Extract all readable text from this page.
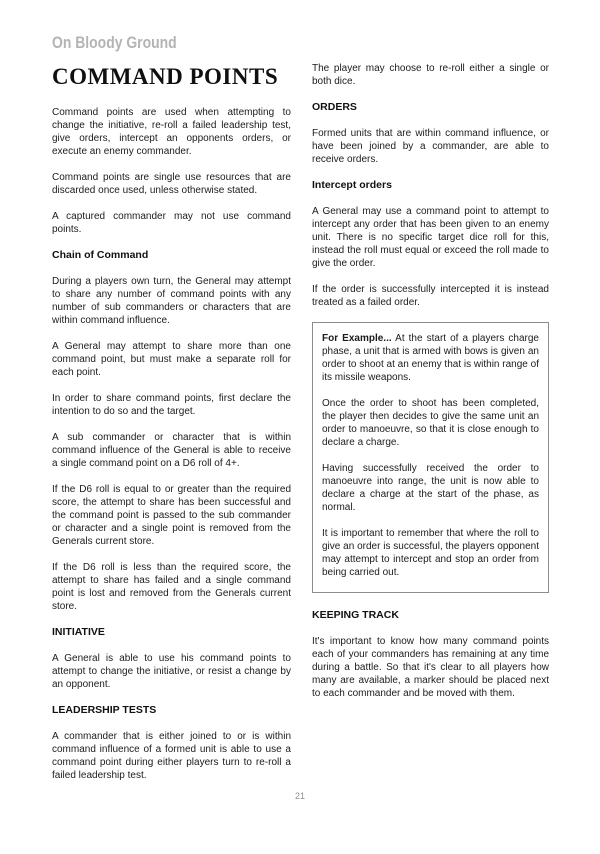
On Bloody Ground
COMMAND POINTS

Command points are used when attempting to change the initiative, re-roll a failed leadership test, give orders, intercept an opponents orders, or execute an enemy commander.

Command points are single use resources that are discarded once used, unless otherwise stated.

A captured commander may not use command points.

Chain of Command

During a players own turn, the General may attempt to share any number of command points with any number of sub commanders or characters that are within command influence.

A General may attempt to share more than one command point, but must make a separate roll for each point.

In order to share command points, first declare the intention to do so and the target.

A sub commander or character that is within command influence of the General is able to receive a single command point on a D6 roll of 4+.

If the D6 roll is equal to or greater than the required score, the attempt to share has been successful and the command point is passed to the sub commander or character and a single point is removed from the Generals current store.

If the D6 roll is less than the required score, the attempt to share has failed and a single command point is lost and removed from the Generals current store.

INITIATIVE

A General is able to use his command points to attempt to change the initiative, or resist a change by an opponent.

LEADERSHIP TESTS

A commander that is either joined to or is within command influence of a formed unit is able to use a command point during either players turn to re-roll a failed leadership test.

The player may choose to re-roll either a single or both dice.

ORDERS

Formed units that are within command influence, or have been joined by a commander, are able to receive orders.

Intercept orders

A General may use a command point to attempt to intercept any order that has been given to an enemy unit. There is no specific target dice roll for this, instead the roll must equal or exceed the roll made to give the order.

If the order is successfully intercepted it is instead treated as a failed order.

For Example... At the start of a players charge phase, a unit that is armed with bows is given an order to shoot at an enemy that is within range of its missile weapons.

Once the order to shoot has been completed, the player then decides to give the same unit an order to manoeuvre, so that it is close enough to declare a charge.

Having successfully received the order to manoeuvre into range, the unit is now able to declare a charge at the start of the phase, as normal.

It is important to remember that where the roll to give an order is successful, the players opponent may attempt to intercept and stop an order from being carried out.

KEEPING TRACK

It's important to know how many command points each of your commanders has remaining at any time during a battle. So that it's clear to all players how many are available, a marker should be placed next to each commander and be moved with them.

21
